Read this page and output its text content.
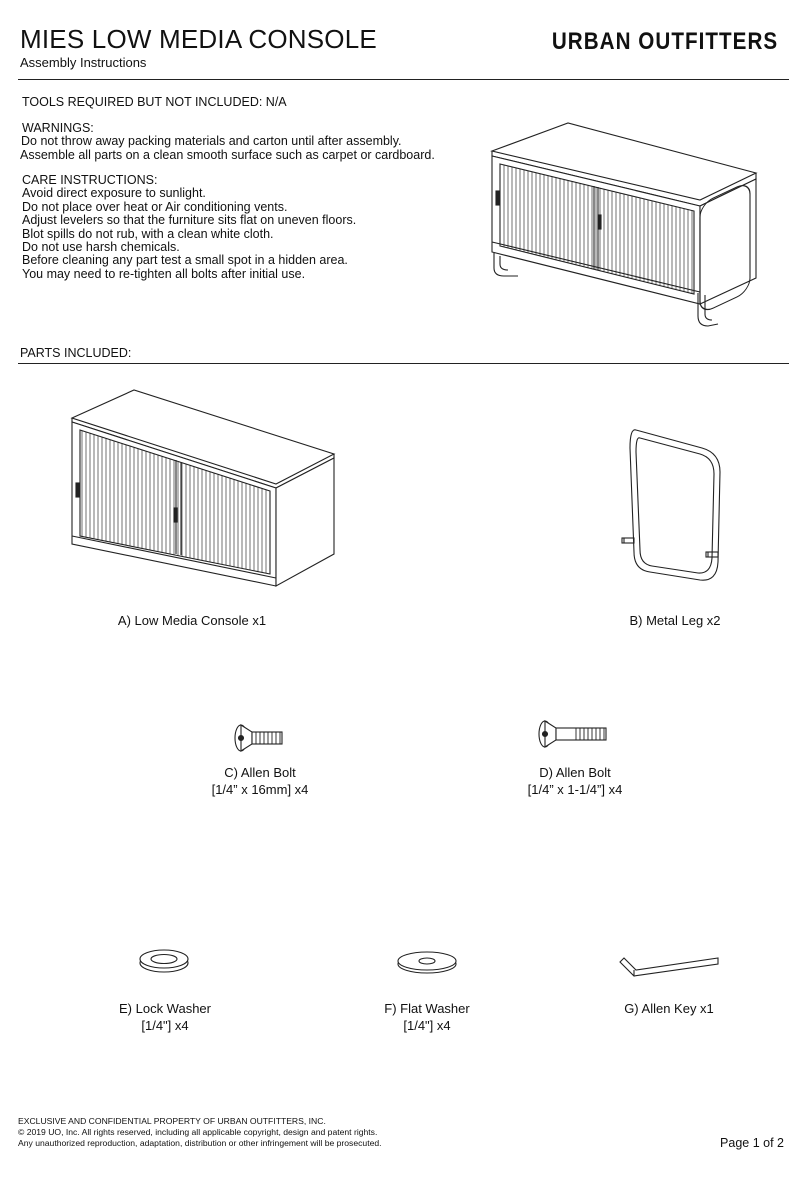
MIES LOW MEDIA CONSOLE
Assembly Instructions
URBAN OUTFITTERS
TOOLS REQUIRED BUT NOT INCLUDED: N/A
WARNINGS:
Do not throw away packing materials and carton until after assembly.
Assemble all parts on a clean smooth surface such as carpet or cardboard.
CARE INSTRUCTIONS:
Avoid direct exposure to sunlight.
Do not place over heat or Air conditioning vents.
Adjust levelers so that the furniture sits flat on uneven floors.
Blot spills do not rub, with a clean white cloth.
Do not use harsh chemicals.
Before cleaning any part test a small spot in a hidden area.
You may need to re-tighten all bolts after initial use.
PARTS INCLUDED:
A) Low Media Console x1	B) Metal Leg x2
C) Allen Bolt
[1/4” x 16mm] x4
D) Allen Bolt
[1/4” x 1-1/4”] x4
E) Lock Washer
[1/4"] x4
F) Flat Washer
[1/4"] x4
G) Allen Key x1
EXCLUSIVE AND CONFIDENTIAL PROPERTY OF URBAN OUTFITTERS, INC.
© 2019 UO, Inc. All rights reserved, including all applicable copyright, design and patent rights.
Any unauthorized reproduction, adaptation, distribution or other infringement will be prosecuted.	Page 1 of 2
